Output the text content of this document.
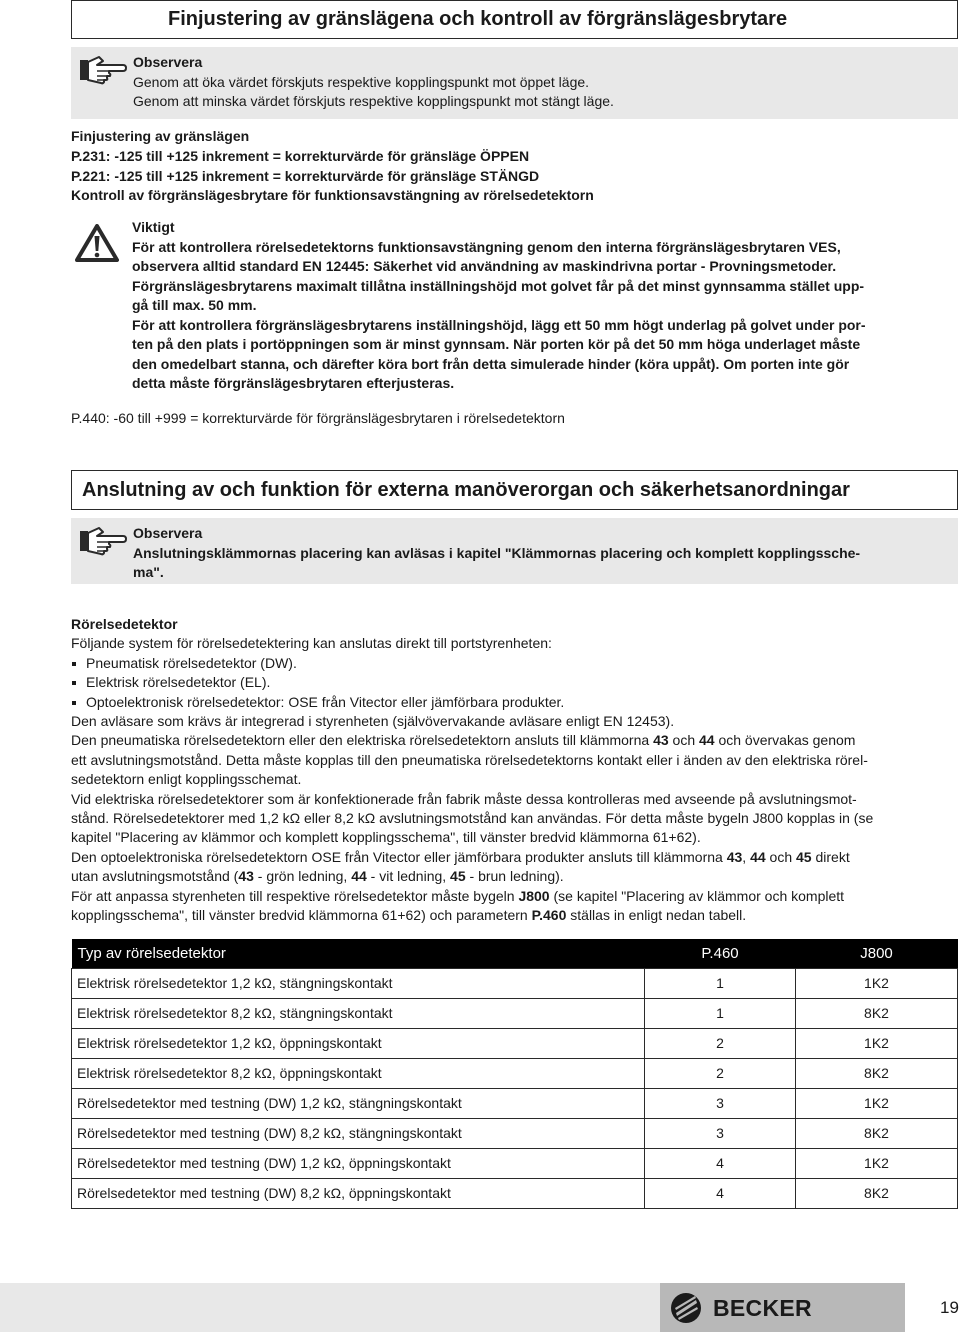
Finjustering av gränslägena och kontroll av förgränslägesbrytare
Observera
Genom att öka värdet förskjuts respektive kopplingspunkt mot öppet läge.
Genom att minska värdet förskjuts respektive kopplingspunkt mot stängt läge.
Finjustering av gränslägen
P.231: -125 till +125 inkrement = korrekturvärde för gränsläge ÖPPEN
P.221: -125 till +125 inkrement = korrekturvärde för gränsläge STÄNGD
Kontroll av förgränslägesbrytare för funktionsavstängning av rörelsedetektorn
Viktigt
För att kontrollera rörelsedetektorns funktionsavstängning genom den interna förgränslägesbrytaren VES,
observera alltid standard EN 12445: Säkerhet vid användning av maskindrivna portar - Provningsmetoder.
Förgränslägesbrytarens maximalt tillåtna inställningshöjd mot golvet får på det minst gynnsamma stället upp-
gå till max. 50 mm.
För att kontrollera förgränslägesbrytarens inställningshöjd, lägg ett 50 mm högt underlag på golvet under por-
ten på den plats i portöppningen som är minst gynnsam. När porten kör på det 50 mm höga underlaget måste
den omedelbart stanna, och därefter köra bort från detta simulerade hinder (köra uppåt). Om porten inte gör
detta måste förgränslägesbrytaren efterjusteras.
P.440: -60 till +999 = korrekturvärde för förgränslägesbrytaren i rörelsedetektorn
Anslutning av och funktion för externa manöverorgan och säkerhetsanordningar
Observera
Anslutningsklämmornas placering kan avläsas i kapitel "Klämmornas placering och komplett kopplingssche-
ma".
Rörelsedetektor
Följande system för rörelsedetektering kan anslutas direkt till portstyrenheten:
Pneumatisk rörelsedetektor (DW).
Elektrisk rörelsedetektor (EL).
Optoelektronisk rörelsedetektor: OSE från Vitector eller jämförbara produkter.
Den avläsare som krävs är integrerad i styrenheten (självövervakande avläsare enligt EN 12453).
Den pneumatiska rörelsedetektorn eller den elektriska rörelsedetektorn ansluts till klämmorna 43 och 44 och övervakas genom
ett avslutningsmotstånd. Detta måste kopplas till den pneumatiska rörelsedetektorns kontakt eller i änden av den elektriska rörel-
sedetektorn enligt kopplingsschemat.
Vid elektriska rörelsedetektorer som är konfektionerade från fabrik måste dessa kontrolleras med avseende på avslutningsmot-
stånd. Rörelsedetektorer med 1,2 kΩ eller 8,2 kΩ avslutningsmotstånd kan användas. För detta måste bygeln J800 kopplas in (se
kapitel "Placering av klämmor och komplett kopplingsschema", till vänster bredvid klämmorna 61+62).
Den optoelektroniska rörelsedetektorn OSE från Vitector eller jämförbara produkter ansluts till klämmorna 43, 44 och 45 direkt
utan avslutningsmotstånd (43 - grön ledning, 44 - vit ledning, 45 - brun ledning).
För att anpassa styrenheten till respektive rörelsedetektor måste bygeln J800 (se kapitel "Placering av klämmor och komplett
kopplingsschema", till vänster bredvid klämmorna 61+62) och parametern P.460 ställas in enligt nedan tabell.
Typ av rörelsedetektor	P.460	J800
Elektrisk rörelsedetektor 1,2 kΩ, stängningskontakt	1	1K2
Elektrisk rörelsedetektor 8,2 kΩ, stängningskontakt	1	8K2
Elektrisk rörelsedetektor 1,2 kΩ, öppningskontakt	2	1K2
Elektrisk rörelsedetektor 8,2 kΩ, öppningskontakt	2	8K2
Rörelsedetektor med testning (DW) 1,2 kΩ, stängningskontakt	3	1K2
Rörelsedetektor med testning (DW) 8,2 kΩ, stängningskontakt	3	8K2
Rörelsedetektor med testning (DW) 1,2 kΩ, öppningskontakt	4	1K2
Rörelsedetektor med testning (DW) 8,2 kΩ, öppningskontakt	4	8K2
BECKER	19
